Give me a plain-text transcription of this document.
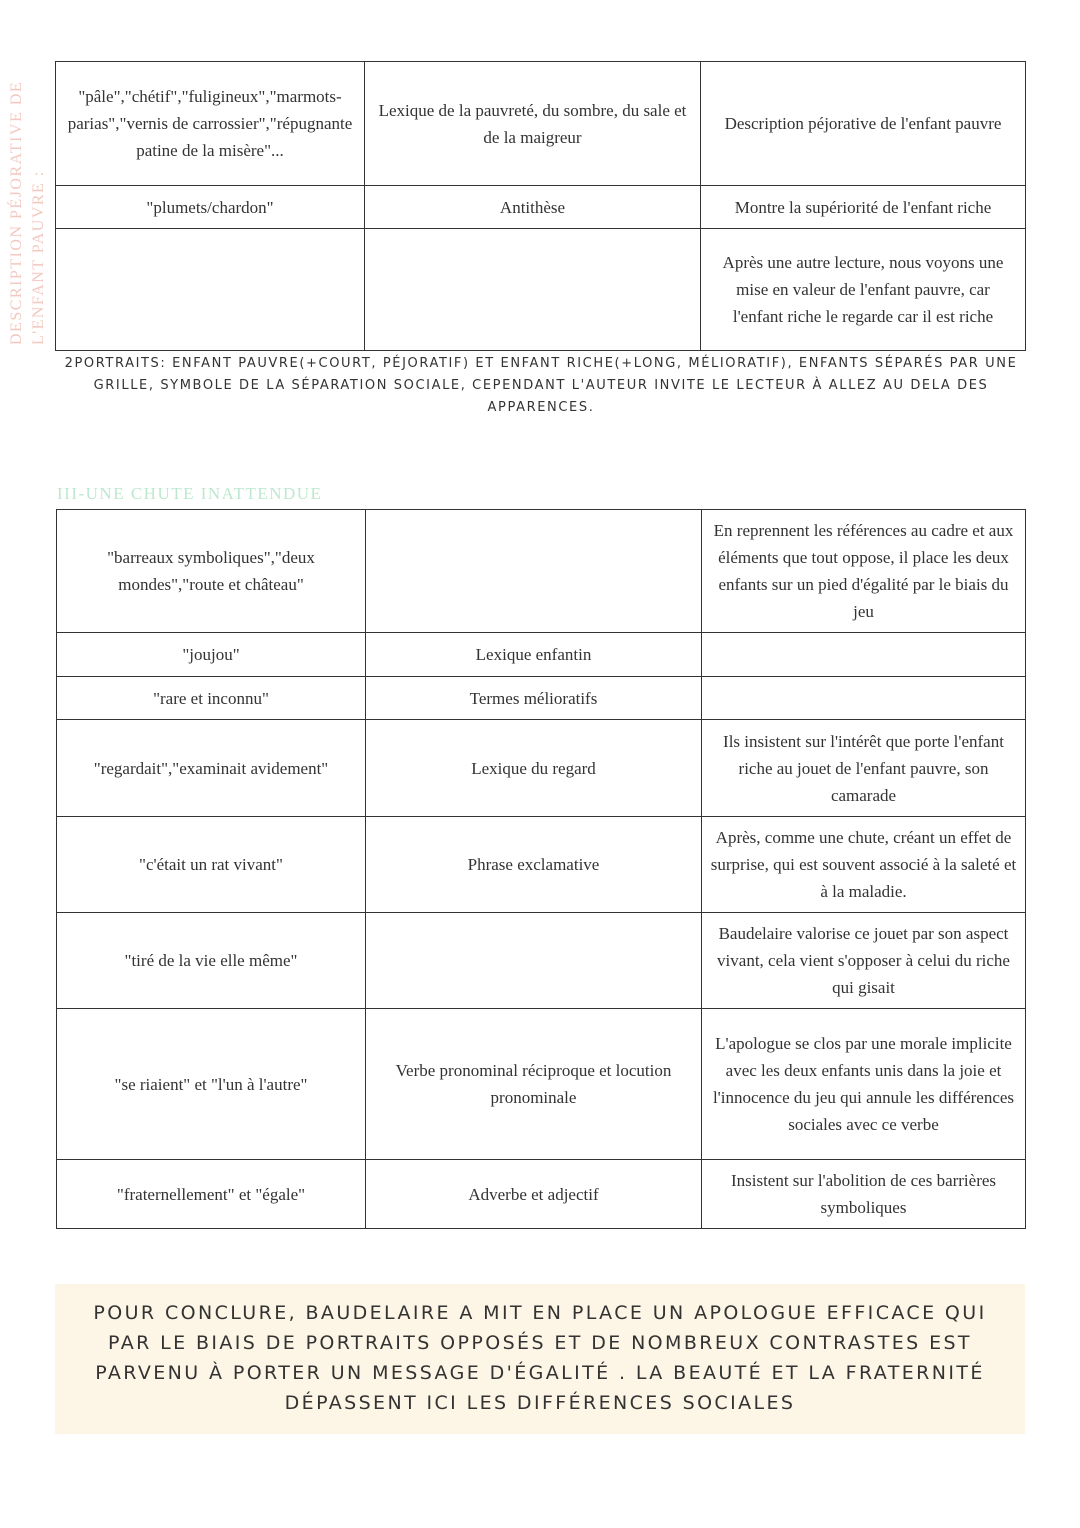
DESCRIPTION PÉJORATIVE DE L'ENFANT PAUVRE :
"pâle","chétif","fuligineux","marmots-parias","vernis de carrossier","répugnante patine de la misère"...	Lexique de la pauvreté, du sombre, du sale et de la maigreur	Description péjorative de l'enfant pauvre
"plumets/chardon"	Antithèse	Montre la supériorité de l'enfant riche
		Après une autre lecture, nous voyons une mise en valeur de l'enfant pauvre, car l'enfant riche le regarde car il est riche
2PORTRAITS: ENFANT PAUVRE(+COURT, PÉJORATIF) ET ENFANT RICHE(+LONG, MÉLIORATIF), ENFANTS SÉPARÉS PAR UNE GRILLE, SYMBOLE DE LA SÉPARATION SOCIALE, CEPENDANT L'AUTEUR INVITE LE LECTEUR À ALLEZ AU DELA DES APPARENCES.
III-UNE CHUTE INATTENDUE
"barreaux symboliques","deux mondes","route et château"		En reprennent les références au cadre et aux éléments que tout oppose, il place les deux enfants sur un pied d'égalité par le biais du jeu
"joujou"	Lexique enfantin	
"rare et inconnu"	Termes mélioratifs	
"regardait","examinait avidement"	Lexique du regard	Ils insistent sur l'intérêt que porte l'enfant riche au jouet de l'enfant pauvre, son camarade
"c'était un rat vivant"	Phrase exclamative	Après, comme une chute, créant un effet de surprise, qui est souvent associé à la saleté et à la maladie.
"tiré de la vie elle même"		Baudelaire valorise ce jouet par son aspect vivant, cela vient s'opposer à celui du riche qui gisait
"se riaient" et "l'un à l'autre"	Verbe pronominal réciproque et locution pronominale	L'apologue se clos par une morale implicite avec les deux enfants unis dans la joie et l'innocence du jeu qui annule les différences sociales avec ce verbe
"fraternellement" et "égale"	Adverbe et adjectif	Insistent sur l'abolition de ces barrières symboliques
POUR CONCLURE, BAUDELAIRE A MIT EN PLACE UN APOLOGUE EFFICACE QUI PAR LE BIAIS DE PORTRAITS OPPOSÉS ET DE NOMBREUX CONTRASTES EST PARVENU À PORTER UN MESSAGE D'ÉGALITÉ . LA BEAUTÉ ET LA FRATERNITÉ DÉPASSENT ICI LES DIFFÉRENCES SOCIALES
